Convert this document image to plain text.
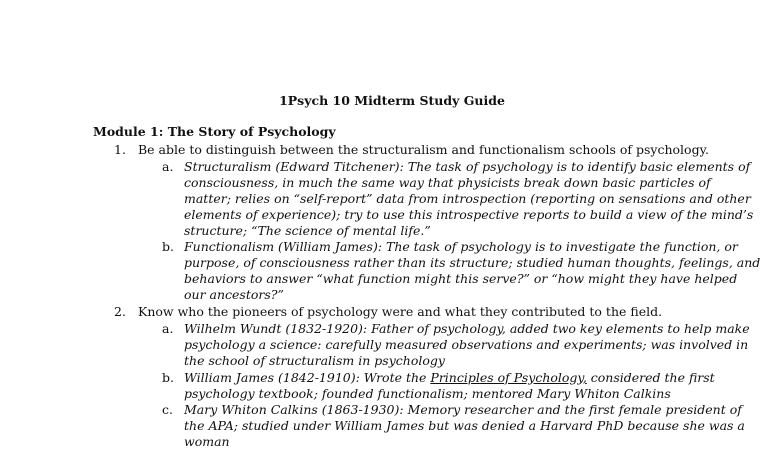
1Psych 10 Midterm Study Guide
Module 1: The Story of Psychology
1. Be able to distinguish between the structuralism and functionalism schools of psychology.
a. Structuralism (Edward Titchener): The task of psychology is to identify basic elements of
consciousness, in much the same way that physicists break down basic particles of
matter; relies on “self-report” data from introspection (reporting on sensations and other
elements of experience); try to use this introspective reports to build a view of the mind’s
structure; “The science of mental life.”
b. Functionalism (William James): The task of psychology is to investigate the function, or
purpose, of consciousness rather than its structure; studied human thoughts, feelings, and
behaviors to answer “what function might this serve?” or “how might they have helped
our ancestors?”
2. Know who the pioneers of psychology were and what they contributed to the field.
a. Wilhelm Wundt (1832-1920): Father of psychology, added two key elements to help make
psychology a science: carefully measured observations and experiments; was involved in
the school of structuralism in psychology
b. William James (1842-1910): Wrote the Principles of Psychology, considered the first
psychology textbook; founded functionalism; mentored Mary Whiton Calkins
c. Mary Whiton Calkins (1863-1930): Memory researcher and the first female president of
the APA; studied under William James but was denied a Harvard PhD because she was a
woman
